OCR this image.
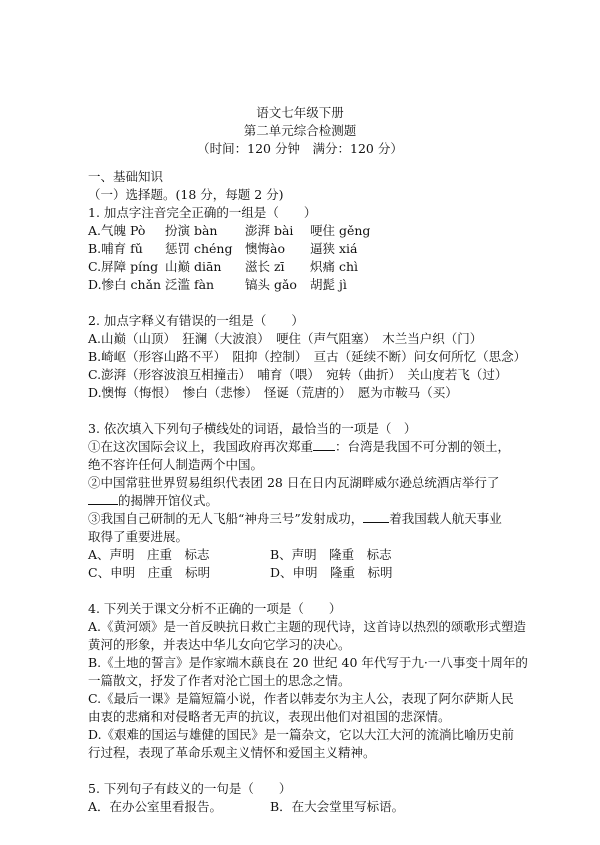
语文七年级下册
第二单元综合检测题
（时间：120 分钟　满分：120 分）
一、基础知识
（一）选择题。(18 分，每题 2 分)
1. 加点字注音完全正确的一组是（　　）
A.气魄 Pò 扮演 bàn 澎湃 bài 哽住 gěng
B.哺育 fǔ 惩罚 chéng 懊悔ào 逼狭 xiá
C.屏障 píng 山巅 diān 滋长 zī 炽痛 chì
D.惨白 chǎn 泛滥 fàn 镐头 gǎo 胡髭 jì
2. 加点字释义有错误的一组是（　　）
A.山巅（山顶）　狂澜（大波浪）　哽住（声气阻塞）　木兰当户织（门）
B.崎岖（形容山路不平）　阻抑（控制）　亘古（延续不断）问女何所忆（思念）
C.澎湃（形容波浪互相撞击）　哺育（喂）　宛转（曲折）　关山度若飞（过）
D.懊悔（悔恨）　惨白（悲惨）　怪诞（荒唐的）　愿为市鞍马（买）
3. 依次填入下列句子横线处的词语，最恰当的一项是（　）
①在这次国际会议上，我国政府再次郑重 ：台湾是我国不可分割的领土，
绝不容许任何人制造两个中国。
②中国常驻世界贸易组织代表团 28 日在日内瓦湖畔威尔逊总统酒店举行了
的揭牌开馆仪式。
③我国自己研制的无人飞船“神舟三号”发射成功， 着我国载人航天事业
取得了重要进展。
A、声明　庄重　标志	B、声明　隆重　标志
C、申明　庄重　标明	D、申明　隆重　标明
4. 下列关于课文分析不正确的一项是（　　）
A.《黄河颂》是一首反映抗日救亡主题的现代诗，这首诗以热烈的颂歌形式塑造
黄河的形象，并表达中华儿女向它学习的决心。
B.《土地的誓言》是作家端木蕻良在 20 世纪 40 年代写于九·一八事变十周年的
一篇散文，抒发了作者对沦亡国土的思念之情。
C.《最后一课》是篇短篇小说，作者以韩麦尔为主人公，表现了阿尔萨斯人民
由衷的悲痛和对侵略者无声的抗议，表现出他们对祖国的悲深情。
D.《艰难的国运与雄健的国民》是一篇杂文，它以大江大河的流淌比喻历史前
行过程，表现了革命乐观主义情怀和爱国主义精神。
5. 下列句子有歧义的一句是（　　）
A．在办公室里看报告。	B．在大会堂里写标语。
